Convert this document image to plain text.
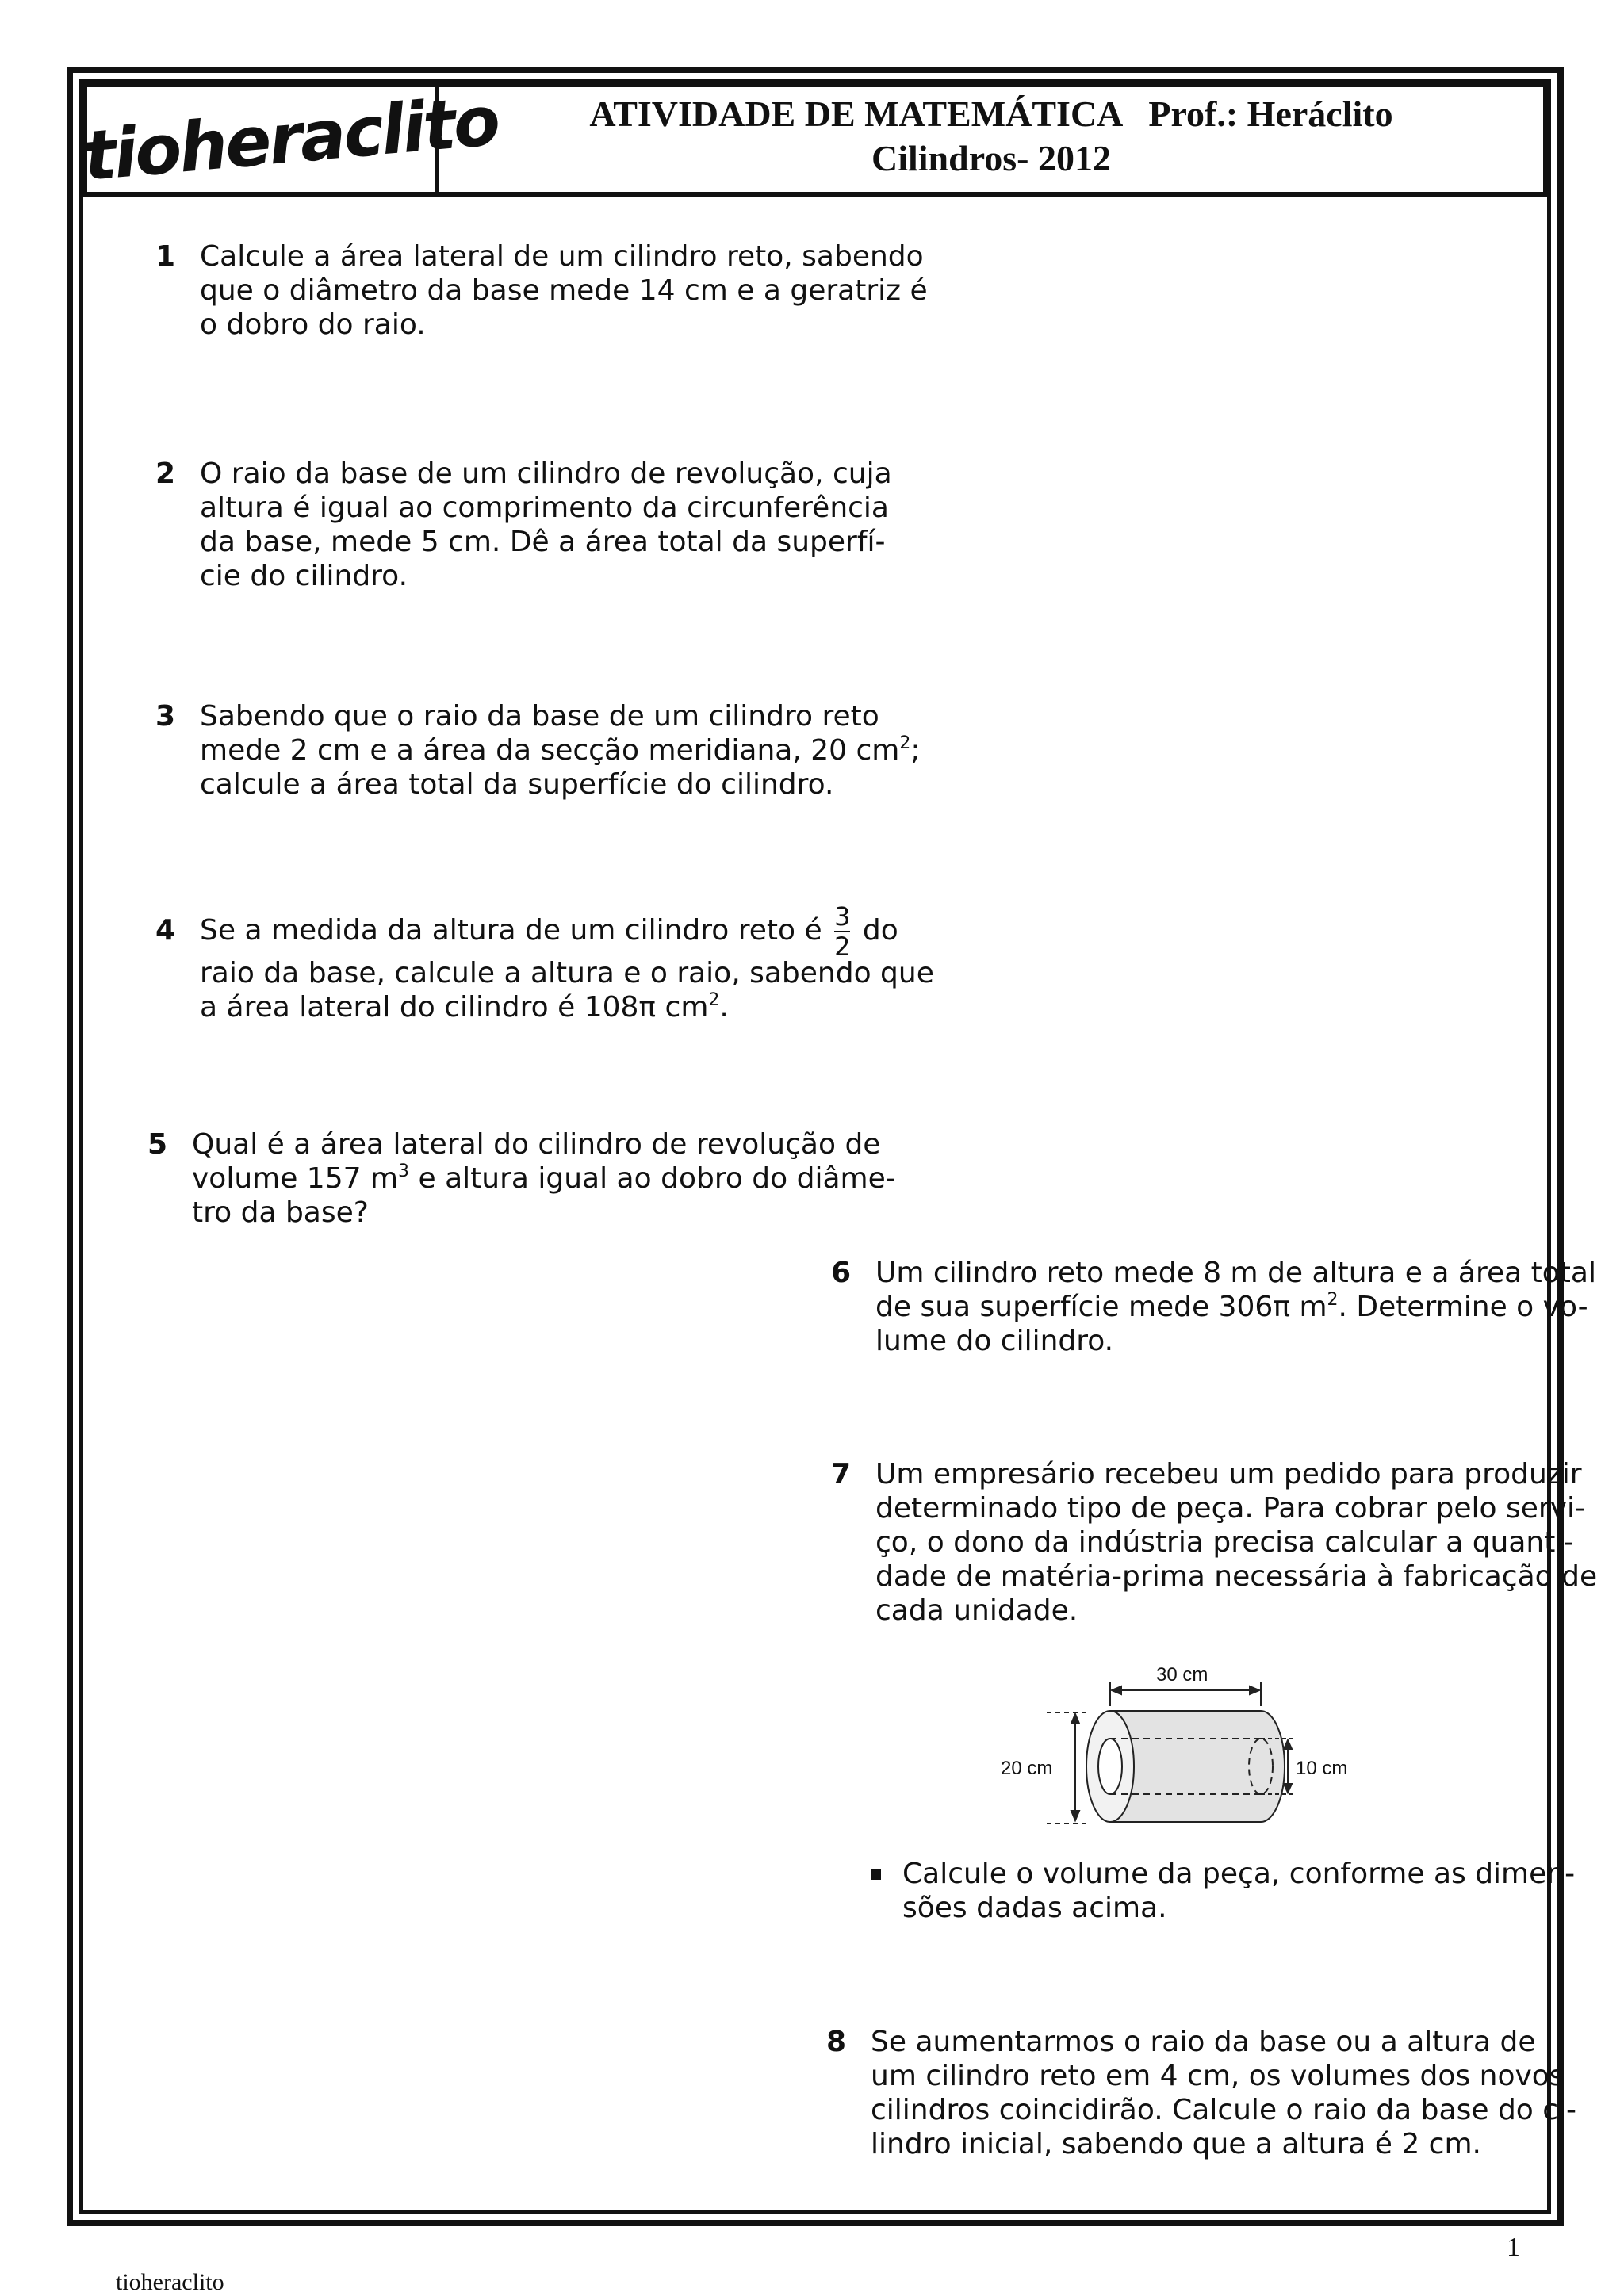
tioheraclito	ATIVIDADE DE MATEMÁTICA   Prof.: Heráclito
Cilindros- 2012
1 Calcule a área lateral de um cilindro reto, sabendo
que o diâmetro da base mede 14 cm e a geratriz é
o dobro do raio.
2 O raio da base de um cilindro de revolução, cuja
altura é igual ao comprimento da circunferência
da base, mede 5 cm. Dê a área total da superfí-
cie do cilindro.
3 Sabendo que o raio da base de um cilindro reto
mede 2 cm e a área da secção meridiana, 20 $cm^2$;
calcule a área total da superfície do cilindro.
4 Se a medida da altura de um cilindro reto é $\frac{3}{2}$ do
raio da base, calcule a altura e o raio, sabendo que
a área lateral do cilindro é 108π $cm^2$.
5 Qual é a área lateral do cilindro de revolução de
volume 157 $m^3$ e altura igual ao dobro do diâme-
tro da base?
6 Um cilindro reto mede 8 m de altura e a área total
de sua superfície mede 306π $m^2$. Determine o vo-
lume do cilindro.
7 Um empresário recebeu um pedido para produzir
determinado tipo de peça. Para cobrar pelo servi-
ço, o dono da indústria precisa calcular a quanti-
dade de matéria-prima necessária à fabricação de
cada unidade.
30 cm
20 cm	10 cm
Calcule o volume da peça, conforme as dimen-
sões dadas acima.
8 Se aumentarmos o raio da base ou a altura de
um cilindro reto em 4 cm, os volumes dos novos
cilindros coincidirão. Calcule o raio da base do ci-
lindro inicial, sabendo que a altura é 2 cm.
1
tioheraclito
